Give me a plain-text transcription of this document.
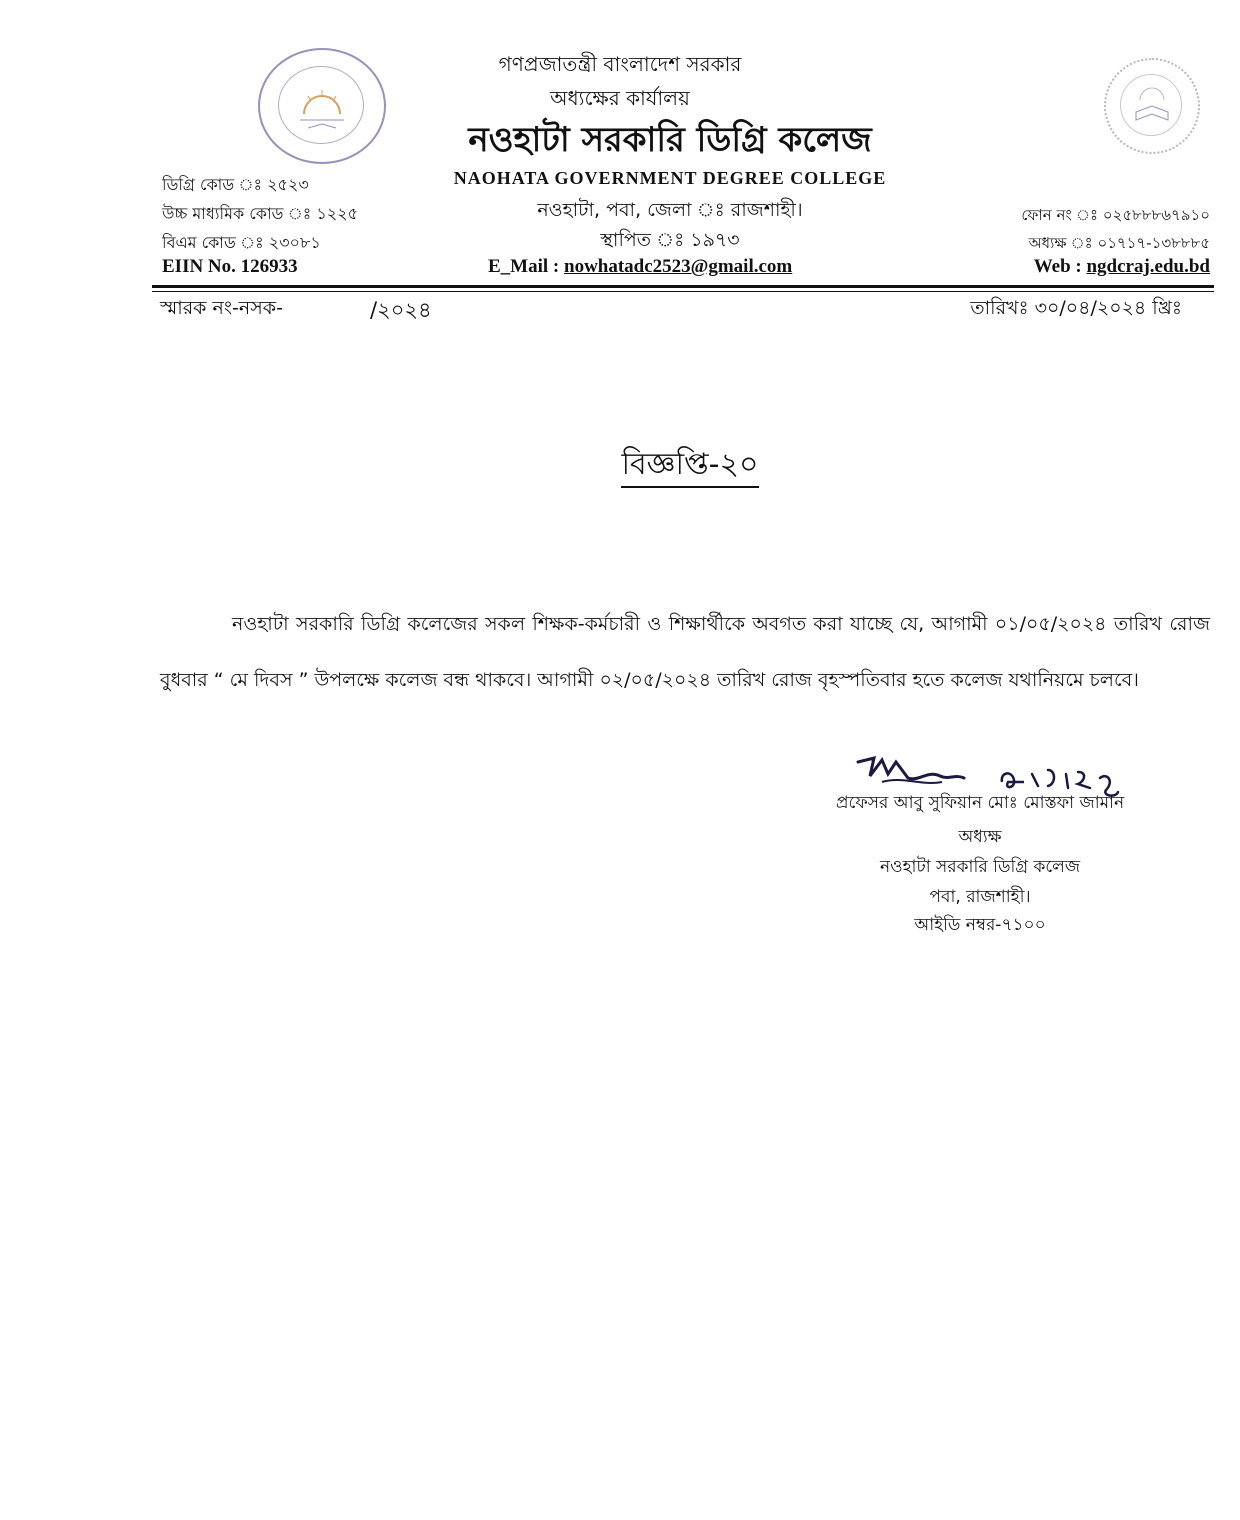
গণপ্রজাতন্ত্রী বাংলাদেশ সরকার
অধ্যক্ষের কার্যালয়
নওহাটা সরকারি ডিগ্রি কলেজ
NAOHATA GOVERNMENT DEGREE COLLEGE
নওহাটা, পবা, জেলা ঃ রাজশাহী।
স্থাপিত ঃ ১৯৭৩
E_Mail : nowhatadc2523@gmail.com
ডিগ্রি কোড ঃ ২৫২৩
উচ্চ মাধ্যমিক কোড ঃ ১২২৫
বিএম কোড ঃ ২৩০৮১
EIIN No. 126933
ফোন নং ঃ ০২৫৮৮৮৬৭৯১০
অধ্যক্ষ ঃ ০১৭১৭-১৩৮৮৮৫
Web : ngdcraj.edu.bd
স্মারক নং-নসক-	/২০২৪	তারিখঃ ৩০/০৪/২০২৪ খ্রিঃ
বিজ্ঞপ্তি-২০
নওহাটা সরকারি ডিগ্রি কলেজের সকল শিক্ষক-কর্মচারী ও শিক্ষার্থীকে অবগত করা যাচ্ছে যে, আগামী ০১/০৫/২০২৪ তারিখ রোজ বুধবার “ মে দিবস ” উপলক্ষে কলেজ বন্ধ থাকবে। আগামী ০২/০৫/২০২৪ তারিখ রোজ বৃহস্পতিবার হতে কলেজ যথানিয়মে চলবে।
প্রফেসর আবু সুফিয়ান মোঃ মোস্তফা জামান
অধ্যক্ষ
নওহাটা সরকারি ডিগ্রি কলেজ
পবা, রাজশাহী।
আইডি নম্বর-৭১০০
